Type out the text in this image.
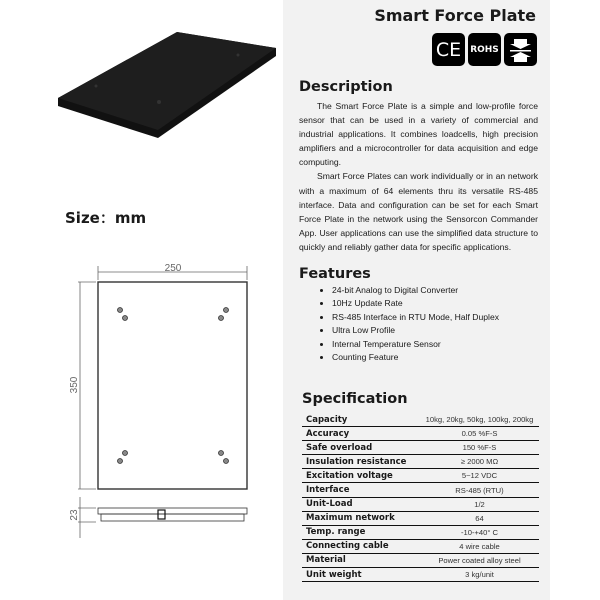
250
350
23
Size：mm
Smart Force Plate
CE	ROHS
Description

The Smart Force Plate is a simple and low-profile force sensor that can be used in a variety of commercial and industrial applications. It combines loadcells, high precision amplifiers and a microcontroller for data acquisition and edge computing.

Smart Force Plates can work individually or in an network with a maximum of 64 elements thru its versatile RS-485 interface. Data and configuration can be set for each Smart Force Plate in the network using the Sensorcon Commander App. User applications can use the simplified data structure to quickly and reliably gather data for specific applications.

Features
• 24-bit Analog to Digital Converter
• 10Hz Update Rate
• RS-485 Interface in RTU Mode, Half Duplex
• Ultra Low Profile
• Internal Temperature Sensor
• Counting Feature
Specification
Capacity	10kg, 20kg, 50kg, 100kg, 200kg
Accuracy	0.05 %F-S
Safe overload	150 %F-S
Insulation resistance	≥ 2000 MΩ
Excitation voltage	5~12 VDC
Interface	RS-485 (RTU)
Unit-Load	1/2
Maximum network	64
Temp. range	-10-+40° C
Connecting cable	4 wire cable
Material	Power coated alloy steel
Unit weight	3 kg/unit
